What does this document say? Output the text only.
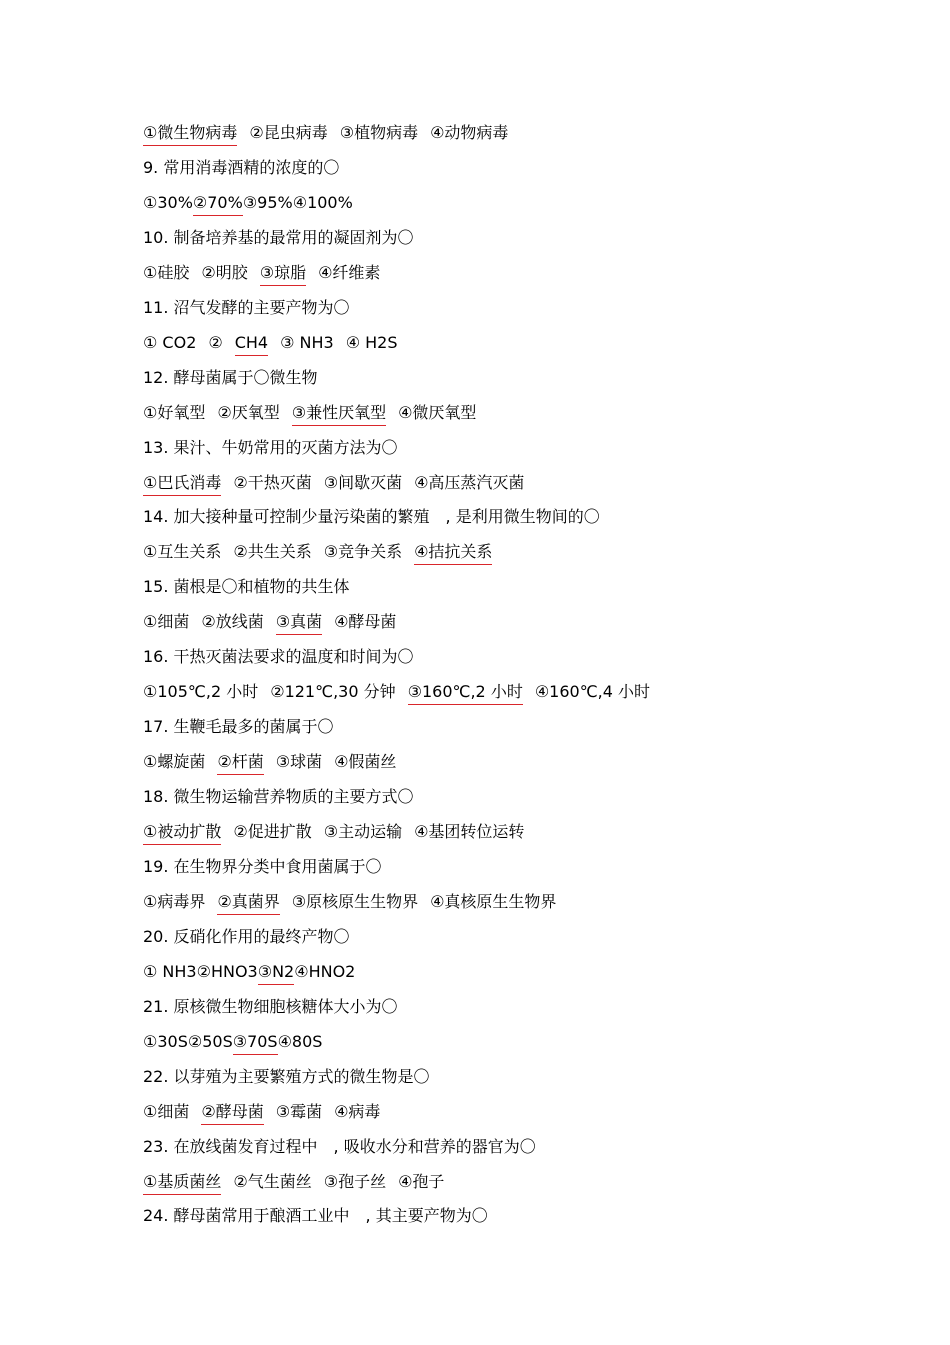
①微生物病毒 ②昆虫病毒 ③植物病毒 ④动物病毒
9. 常用消毒酒精的浓度的〇
①30%②70%③95%④100%
10. 制备培养基的最常用的凝固剂为〇
①硅胶 ②明胶 ③琼脂 ④纤维素
11. 沼气发酵的主要产物为〇
① CO2 ② CH4 ③ NH3 ④ H2S
12. 酵母菌属于〇微生物
①好氧型 ②厌氧型 ③兼性厌氧型 ④微厌氧型
13. 果汁、牛奶常用的灭菌方法为〇
①巴氏消毒 ②干热灭菌 ③间歇灭菌 ④高压蒸汽灭菌
14. 加大接种量可控制少量污染菌的繁殖　, 是利用微生物间的〇
①互生关系 ②共生关系 ③竞争关系 ④拮抗关系
15. 菌根是〇和植物的共生体
①细菌 ②放线菌 ③真菌 ④酵母菌
16. 干热灭菌法要求的温度和时间为〇
①105℃,2 小时 ②121℃,30 分钟 ③160℃,2 小时 ④160℃,4 小时
17. 生鞭毛最多的菌属于〇
①螺旋菌 ②杆菌 ③球菌 ④假菌丝
18. 微生物运输营养物质的主要方式〇
①被动扩散 ②促进扩散 ③主动运输 ④基团转位运转
19. 在生物界分类中食用菌属于〇
①病毒界 ②真菌界 ③原核原生生物界 ④真核原生生物界
20. 反硝化作用的最终产物〇
① NH3②HNO3③N2④HNO2
21. 原核微生物细胞核糖体大小为〇
①30S②50S③70S④80S
22. 以芽殖为主要繁殖方式的微生物是〇
①细菌 ②酵母菌 ③霉菌 ④病毒
23. 在放线菌发育过程中　, 吸收水分和营养的器官为〇
①基质菌丝 ②气生菌丝 ③孢子丝 ④孢子
24. 酵母菌常用于酿酒工业中　, 其主要产物为〇
